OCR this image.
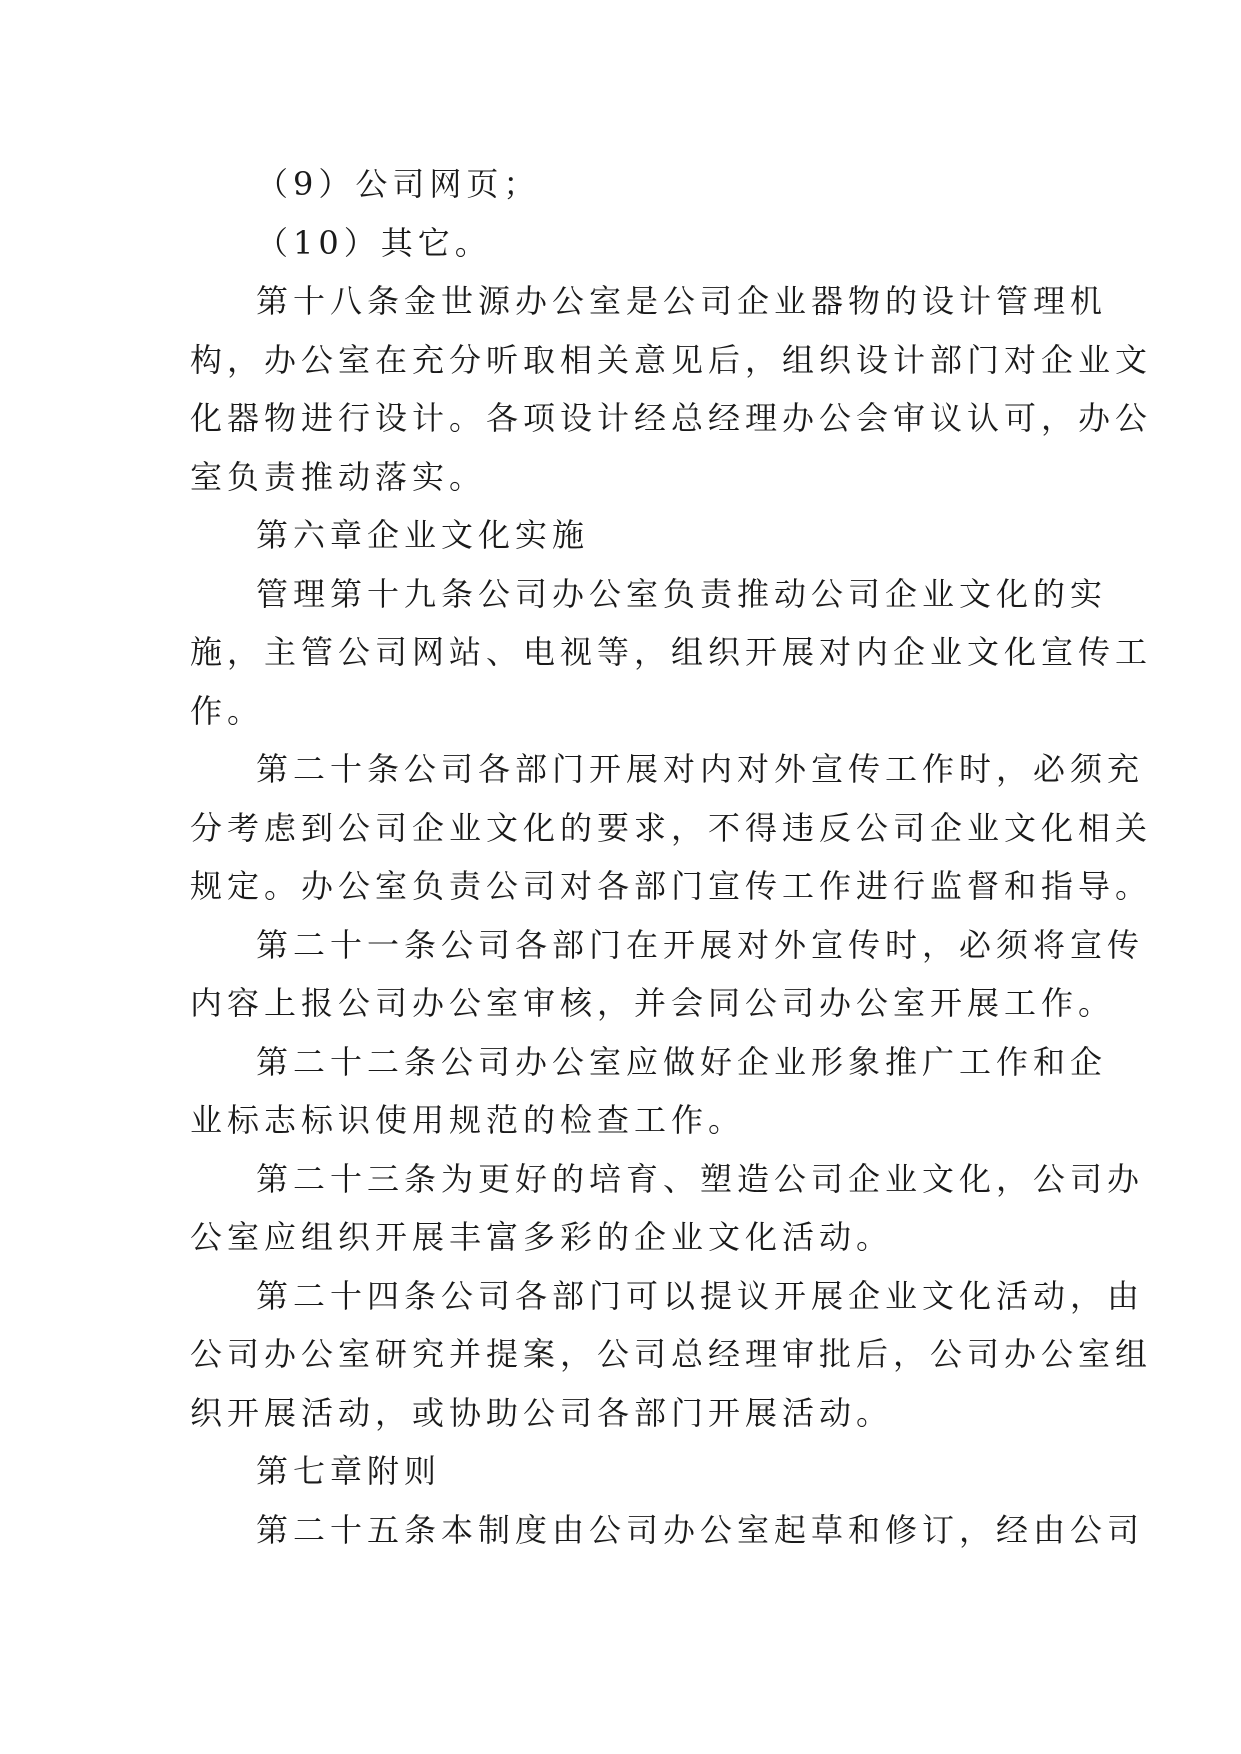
（9）公司网页；
（10）其它。
第十八条金世源办公室是公司企业器物的设计管理机
构，办公室在充分听取相关意见后，组织设计部门对企业文
化器物进行设计。各项设计经总经理办公会审议认可，办公
室负责推动落实。
第六章企业文化实施
管理第十九条公司办公室负责推动公司企业文化的实
施，主管公司网站、电视等，组织开展对内企业文化宣传工
作。
第二十条公司各部门开展对内对外宣传工作时，必须充
分考虑到公司企业文化的要求，不得违反公司企业文化相关
规定。办公室负责公司对各部门宣传工作进行监督和指导。
第二十一条公司各部门在开展对外宣传时，必须将宣传
内容上报公司办公室审核，并会同公司办公室开展工作。
第二十二条公司办公室应做好企业形象推广工作和企
业标志标识使用规范的检查工作。
第二十三条为更好的培育、塑造公司企业文化，公司办
公室应组织开展丰富多彩的企业文化活动。
第二十四条公司各部门可以提议开展企业文化活动，由
公司办公室研究并提案，公司总经理审批后，公司办公室组
织开展活动，或协助公司各部门开展活动。
第七章附则
第二十五条本制度由公司办公室起草和修订，经由公司
